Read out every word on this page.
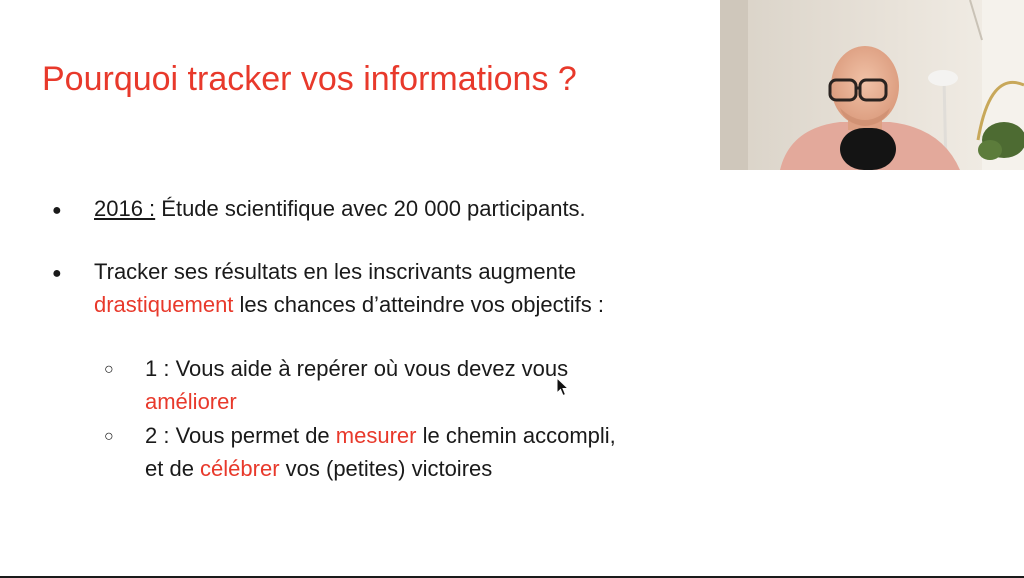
Pourquoi tracker vos informations ?
● 2016 : Étude scientifique avec 20 000 participants.
● Tracker ses résultats en les inscrivants augmente
drastiquement les chances d’atteindre vos objectifs :
○ 1 : Vous aide à repérer où vous devez vous
améliorer
○ 2 : Vous permet de mesurer le chemin accompli,
et de célébrer vos (petites) victoires
